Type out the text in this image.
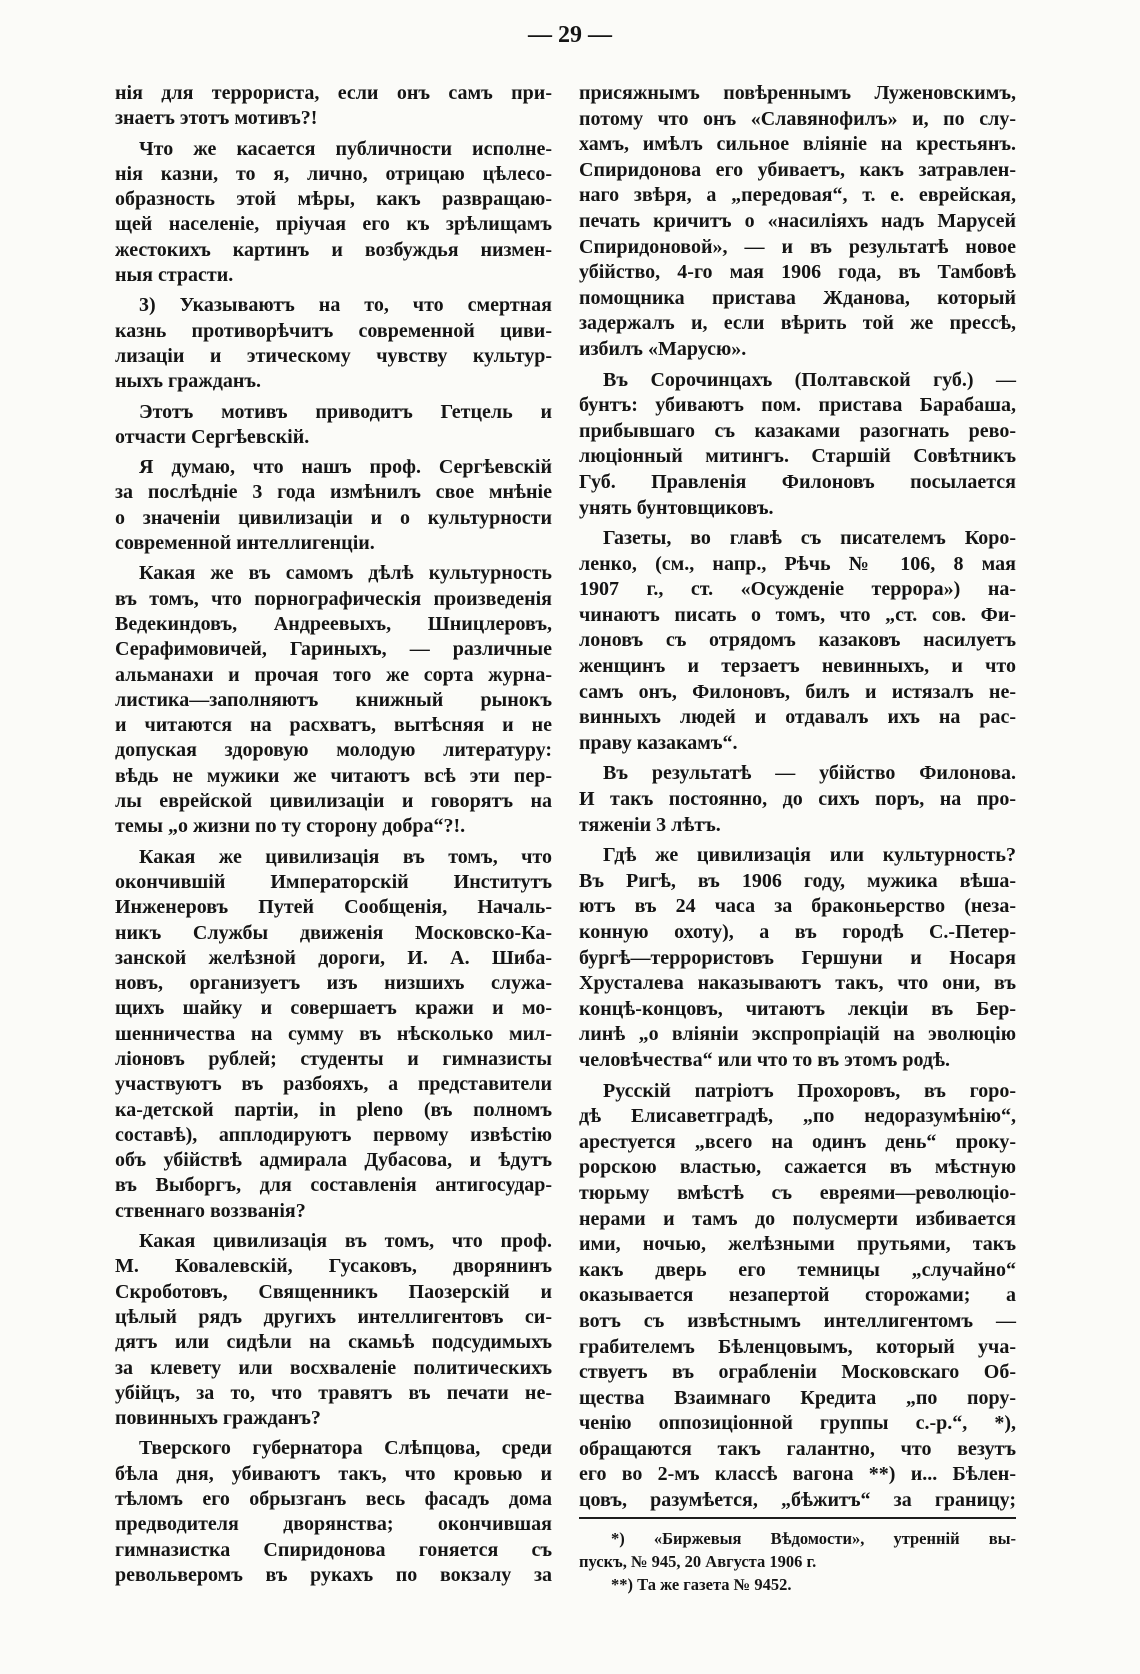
— 29 —
нія для террориста, если онъ самъ при-
знаетъ этотъ мотивъ?!
Что же касается публичности исполне-
нія казни, то я, лично, отрицаю цѣлесо-
образность этой мѣры, какъ развращаю-
щей населеніе, пріучая его къ зрѣлищамъ
жестокихъ картинъ и возбуждья низмен-
ныя страсти.
3) Указываютъ на то, что смертная
казнь противорѣчитъ современной циви-
лизаціи и этическому чувству культур-
ныхъ гражданъ.
Этотъ мотивъ приводитъ Гетцель и
отчасти Сергѣевскій.
Я думаю, что нашъ проф. Сергѣевскій
за послѣдніе 3 года измѣнилъ свое мнѣніе
о значеніи цивилизаціи и о культурности
современной интеллигенціи.
Какая же въ самомъ дѣлѣ культурность
въ томъ, что порнографическія произведенія
Ведекиндовъ, Андреевыхъ, Шницлеровъ,
Серафимовичей, Гариныхъ, — различные
альманахи и прочая того же сорта журна-
листика—заполняютъ книжный рынокъ
и читаются на расхватъ, вытѣсняя и не
допуская здоровую молодую литературу:
вѣдь не мужики же читаютъ всѣ эти пер-
лы еврейской цивилизаціи и говорятъ на
темы „о жизни по ту сторону добра“?!.
Какая же цивилизація въ томъ, что
окончившій Императорскій Институтъ
Инженеровъ Путей Сообщенія, Началь-
никъ Службы движенія Московско-Ка-
занской желѣзной дороги, И. А. Шиба-
новъ, организуетъ изъ низшихъ служа-
щихъ шайку и совершаетъ кражи и мо-
шенничества на сумму въ нѣсколько мил-
ліоновъ рублей; студенты и гимназисты
участвуютъ въ разбояхъ, а представители
ка-детской партіи, in pleno (въ полномъ
составѣ), апплодируютъ первому извѣстію
объ убійствѣ адмирала Дубасова, и ѣдутъ
въ Выборгъ, для составленія антигосудар-
ственнаго воззванія?
Какая цивилизація въ томъ, что проф.
М. Ковалевскій, Гусаковъ, дворянинъ
Скроботовъ, Священникъ Паозерскій и
цѣлый рядъ другихъ интеллигентовъ си-
дятъ или сидѣли на скамьѣ подсудимыхъ
за клевету или восхваленіе политическихъ
убійцъ, за то, что травятъ въ печати не-
повинныхъ гражданъ?
Тверского губернатора Слѣпцова, среди
бѣла дня, убиваютъ такъ, что кровью и
тѣломъ его обрызганъ весь фасадъ дома
предводителя дворянства; окончившая
гимназистка Спиридонова гоняется съ
револьверомъ въ рукахъ по вокзалу за
присяжнымъ повѣреннымъ Луженовскимъ,
потому что онъ «Славянофилъ» и, по слу-
хамъ, имѣлъ сильное вліяніе на крестьянъ.
Спиридонова его убиваетъ, какъ затравлен-
наго звѣря, а „передовая“, т. е. еврейская,
печать кричитъ о «насиліяхъ надъ Марусей
Спиридоновой», — и въ результатѣ новое
убійство, 4-го мая 1906 года, въ Тамбовѣ
помощника пристава Жданова, который
задержалъ и, если вѣрить той же прессѣ,
избилъ «Марусю».
Въ Сорочинцахъ (Полтавской губ.) —
бунтъ: убиваютъ пом. пристава Барабаша,
прибывшаго съ казаками разогнать рево-
люціонный митингъ. Старшій Совѣтникъ
Губ. Правленія Филоновъ посылается
унять бунтовщиковъ.
Газеты, во главѣ съ писателемъ Коро-
ленко, (см., напр., Рѣчь № 106, 8 мая
1907 г., ст. «Осужденіе террора») на-
чинаютъ писать о томъ, что „ст. сов. Фи-
лоновъ съ отрядомъ казаковъ насилуетъ
женщинъ и терзаетъ невинныхъ, и что
самъ онъ, Филоновъ, билъ и истязалъ не-
винныхъ людей и отдавалъ ихъ на рас-
праву казакамъ“.
Въ результатѣ — убійство Филонова.
И такъ постоянно, до сихъ поръ, на про-
тяженіи 3 лѣтъ.
Гдѣ же цивилизація или культурность?
Въ Ригѣ, въ 1906 году, мужика вѣша-
ютъ въ 24 часа за браконьерство (неза-
конную охоту), а въ городѣ С.-Петер-
бургѣ—террористовъ Гершуни и Носаря
Хрусталева наказываютъ такъ, что они, въ
концѣ-концовъ, читаютъ лекціи въ Бер-
линѣ „о вліяніи экспропріацій на эволюцію
человѣчества“ или что то въ этомъ родѣ.
Русскій патріотъ Прохоровъ, въ горо-
дѣ Елисаветградѣ, „по недоразумѣнію“,
арестуется „всего на одинъ день“ проку-
рорскою властью, сажается въ мѣстную
тюрьму вмѣстѣ съ евреями—революціо-
нерами и тамъ до полусмерти избивается
ими, ночью, желѣзными прутьями, такъ
какъ дверь его темницы „случайно“
оказывается незапертой сторожами; а
вотъ съ извѣстнымъ интеллигентомъ —
грабителемъ Бѣленцовымъ, который уча-
ствуетъ въ ограбленіи Московскаго Об-
щества Взаимнаго Кредита „по пору-
ченію оппозиціонной группы с.-р.“, *),
обращаются такъ галантно, что везутъ
его во 2-мъ классѣ вагона **) и... Бѣлен-
цовъ, разумѣется, „бѣжитъ“ за границу;
*) «Биржевыя Вѣдомости», утренній вы-
пускъ, № 945, 20 Августа 1906 г.
**) Та же газета № 9452.
